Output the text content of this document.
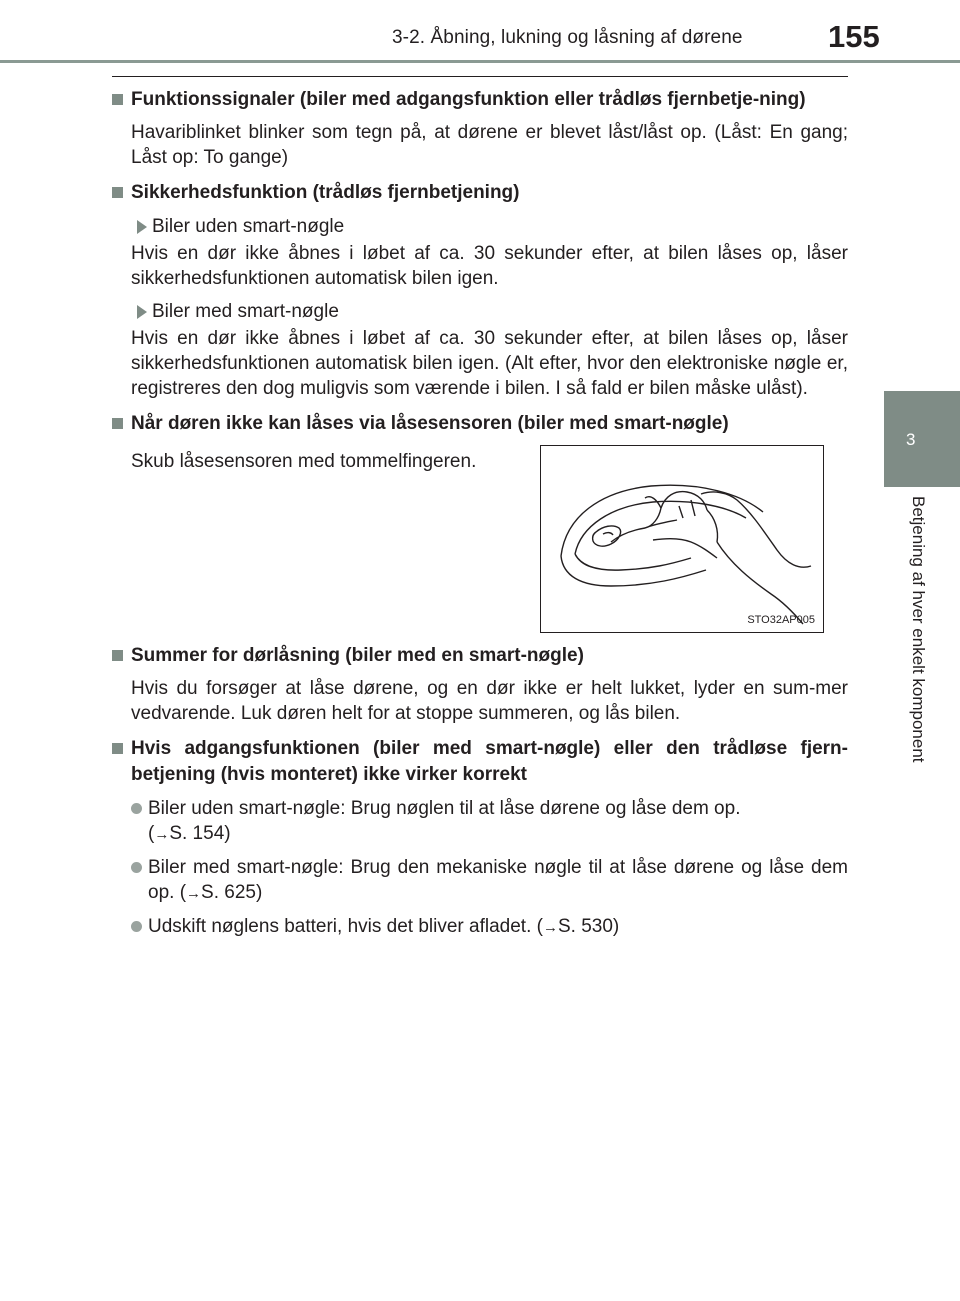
3-2. Åbning, lukning og låsning af dørene	155
3
Betjening af hver enkelt komponent
Funktionssignaler (biler med adgangsfunktion eller trådløs fjernbetje-ning)
Havariblinket blinker som tegn på, at dørene er blevet låst/låst op. (Låst: En gang; Låst op: To gange)
Sikkerhedsfunktion (trådløs fjernbetjening)
Biler uden smart-nøgle
Hvis en dør ikke åbnes i løbet af ca. 30 sekunder efter, at bilen låses op, låser sikkerhedsfunktionen automatisk bilen igen.
Biler med smart-nøgle
Hvis en dør ikke åbnes i løbet af ca. 30 sekunder efter, at bilen låses op, låser sikkerhedsfunktionen automatisk bilen igen. (Alt efter, hvor den elektroniske nøgle er, registreres den dog muligvis som værende i bilen. I så fald er bilen måske ulåst).
Når døren ikke kan låses via låsesensoren (biler med smart-nøgle)
Skub låsesensoren med tommelfingeren.
STO32AP005
Summer for dørlåsning (biler med en smart-nøgle)
Hvis du forsøger at låse dørene, og en dør ikke er helt lukket, lyder en sum-mer vedvarende. Luk døren helt for at stoppe summeren, og lås bilen.
Hvis adgangsfunktionen (biler med smart-nøgle) eller den trådløse fjern-betjening (hvis monteret) ikke virker korrekt
Biler uden smart-nøgle: Brug nøglen til at låse dørene og låse dem op.
(→S. 154)
Biler med smart-nøgle: Brug den mekaniske nøgle til at låse dørene og låse dem op. (→S. 625)
Udskift nøglens batteri, hvis det bliver afladet. (→S. 530)
